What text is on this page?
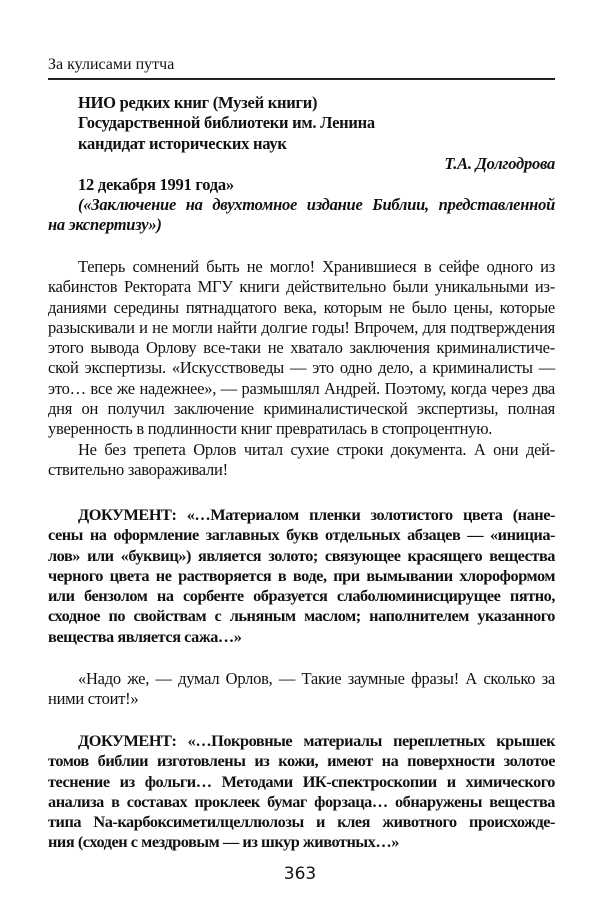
За кулисами путча
НИО редких книг (Музей книги)
Государственной библиотеки им. Ленина
кандидат исторических наук
Т.А. Долгодрова
12 декабря 1991 года»
(«Заключение на двухтомное издание Библии, представленной
на экспертизу»)
Теперь сомнений быть не могло! Хранившиеся в сейфе одного из
кабинстов Ректората МГУ книги действительно были уникальными из-
даниями середины пятнадцатого века, которым не было цены, которые
разыскивали и не могли найти долгие годы! Впрочем, для подтверждения
этого вывода Орлову все-таки не хватало заключения криминалистиче-
ской экспертизы. «Искусствоведы — это одно дело, а криминалисты —
это… все же надежнее», — размышлял Андрей. Поэтому, когда через два
дня он получил заключение криминалистической экспертизы, полная
уверенность в подлинности книг превратилась в стопроцентную.
Не без трепета Орлов читал сухие строки документа. А они дей-
ствительно завораживали!
ДОКУМЕНТ: «…Материалом пленки золотистого цвета (нане-
сены на оформление заглавных букв отдельных абзацев — «инициа-
лов» или «буквиц») является золото; связующее красящего вещества
черного цвета не растворяется в воде, при вымывании хлороформом
или бензолом на сорбенте образуется слаболюминисцирущее пятно,
сходное по свойствам с льняным маслом; наполнителем указанного
вещества является сажа…»
«Надо же, — думал Орлов, — Такие заумные фразы! А сколько за
ними стоит!»
ДОКУМЕНТ: «…Покровные материалы переплетных крышек
томов библии изготовлены из кожи, имеют на поверхности золотое
теснение из фольги… Методами ИК-спектроскопии и химического
анализа в составах проклеек бумаг форзаца… обнаружены вещества
типа Na-карбоксиметилцеллюлозы и клея животного происхожде-
ния (сходен с мездровым — из шкур животных…»
363
